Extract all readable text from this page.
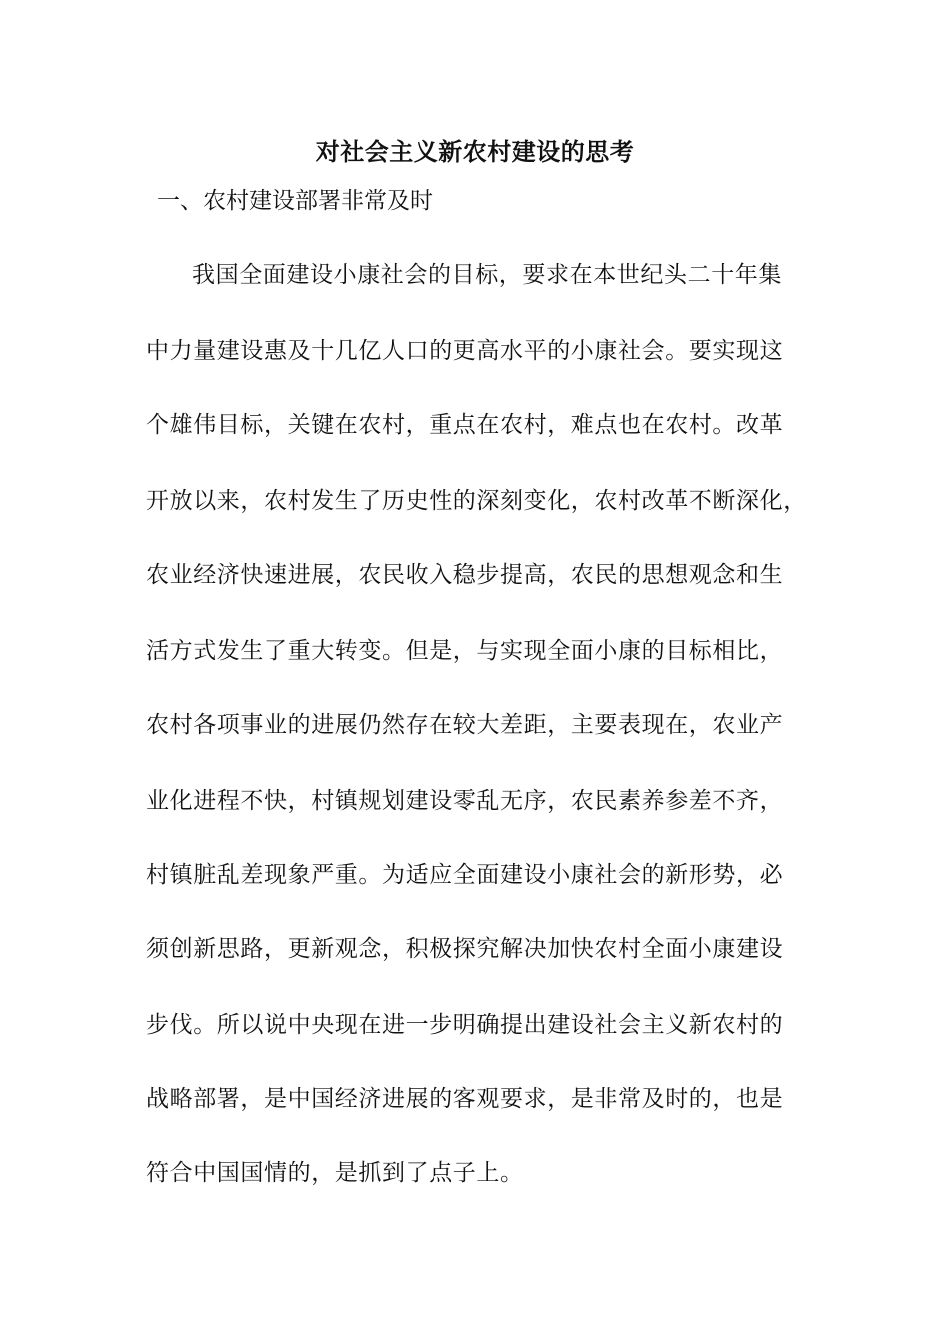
对社会主义新农村建设的思考
一、农村建设部署非常及时
我国全面建设小康社会的目标，要求在本世纪头二十年集
中力量建设惠及十几亿人口的更高水平的小康社会。要实现这
个雄伟目标，关键在农村，重点在农村，难点也在农村。改革
开放以来，农村发生了历史性的深刻变化，农村改革不断深化，
农业经济快速进展，农民收入稳步提高，农民的思想观念和生
活方式发生了重大转变。但是，与实现全面小康的目标相比，
农村各项事业的进展仍然存在较大差距，主要表现在，农业产
业化进程不快，村镇规划建设零乱无序，农民素养参差不齐，
村镇脏乱差现象严重。为适应全面建设小康社会的新形势，必
须创新思路，更新观念，积极探究解决加快农村全面小康建设
步伐。所以说中央现在进一步明确提出建设社会主义新农村的
战略部署，是中国经济进展的客观要求，是非常及时的，也是
符合中国国情的，是抓到了点子上。
